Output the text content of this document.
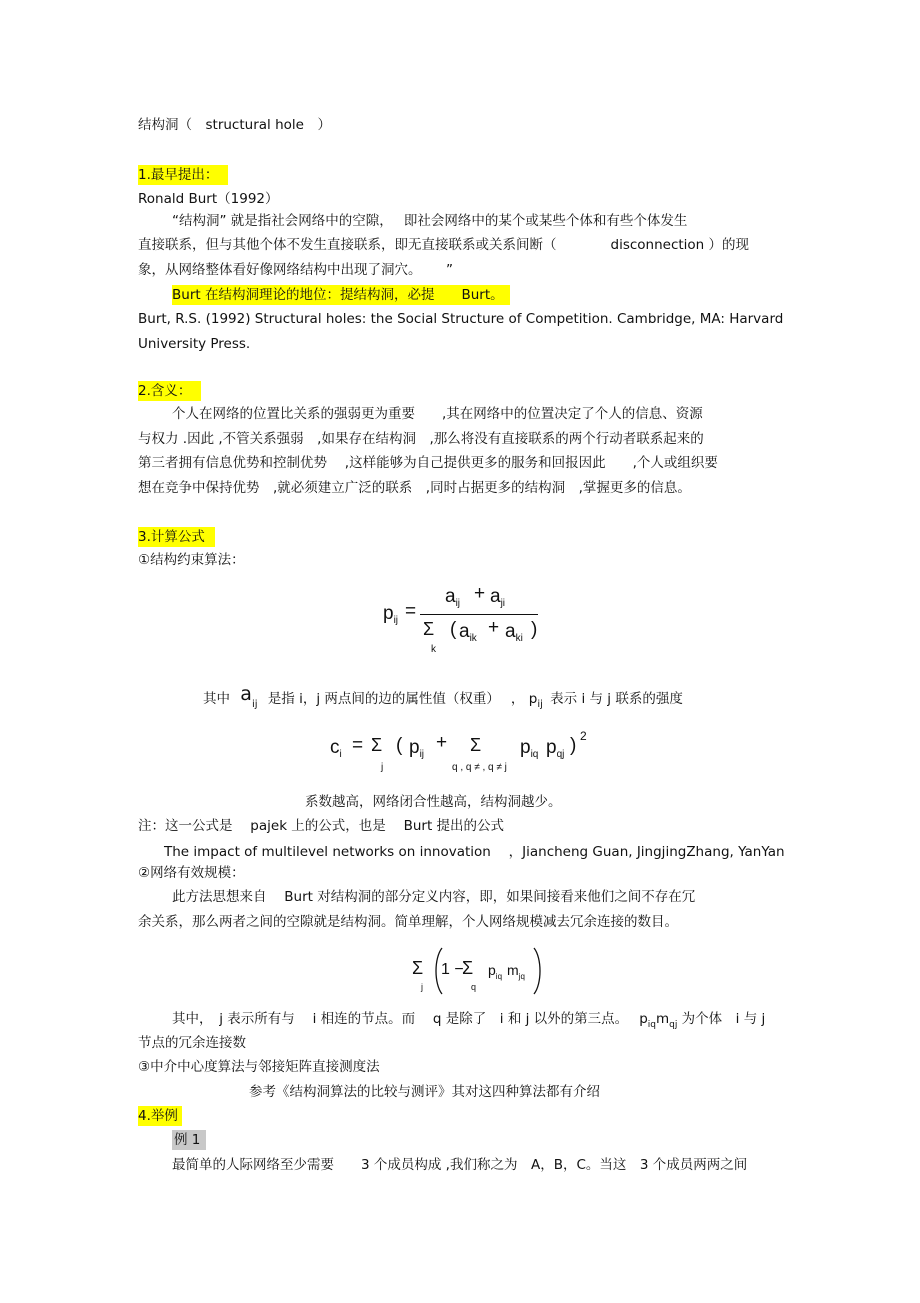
结构洞（　structural hole　）
1.最早提出：
Ronald Burt（1992）
“结构洞” 就是指社会网络中的空隙，　 即社会网络中的某个或某些个体和有些个体发生
直接联系，但与其他个体不发生直接联系，即无直接联系或关系间断（　　　　disconnection ）的现
象，从网络整体看好像网络结构中出现了洞穴。　　 ”
Burt 在结构洞理论的地位：提结构洞，必提　　Burt。
Burt, R.S. (1992) Structural holes: the Social Structure of Competition. Cambridge, MA: Harvard
University Press.
2.含义：
个人在网络的位置比关系的强弱更为重要　　,其在网络中的位置决定了个人的信息、资源
与权力 .因此 ,不管关系强弱　,如果存在结构洞　,那么将没有直接联系的两个行动者联系起来的
第三者拥有信息优势和控制优势　 ,这样能够为自己提供更多的服务和回报因此　　,个人或组织要
想在竞争中保持优势　,就必须建立广泛的联系　,同时占据更多的结构洞　,掌握更多的信息。
3.计算公式
①结构约束算法：
$p_{ij}$ =
$a_{ij} + a_{ji}$
Σ
k
( $a_{ik}$
+ $a_{ki}$ )
其中 $a_{ij}$ 是指 i，j 两点间的边的属性值（权重）　 ， $p_{ij}$ 表示 i 与 j 联系的强度
$c_i = \Sigma$
j
( $p_{ij}$
+ Σ
q , q ≠ , q ≠ j
$p_{iq}$ $p_{qj}$ ) 2
系数越高，网络闭合性越高，结构洞越少。
注：这一公式是　 pajek 上的公式，也是　 Burt 提出的公式
The impact of multilevel networks on innovation　 ，Jiancheng Guan, JingjingZhang, YanYan
②网络有效规模：
此方法思想来自　 Burt 对结构洞的部分定义内容，即，如果间接看来他们之间不存在冗
余关系，那么两者之间的空隙就是结构洞。简单理解，个人网络规模减去冗余连接的数目。
Σ
j
1 −
Σ
q
$p_{iq}$ $m_{jq}$
其中，　j 表示所有与　 i 相连的节点。而　 q 是除了　i 和 j 以外的第三点。　 $p_{iq}m_{qj}$ 为个体　i 与 j
节点的冗余连接数
③中介中心度算法与邻接矩阵直接测度法
参考《结构洞算法的比较与测评》其对这四种算法都有介绍
4.举例
例 1
最简单的人际网络至少需要　　3 个成员构成 ,我们称之为　A，B，C。当这　3 个成员两两之间
